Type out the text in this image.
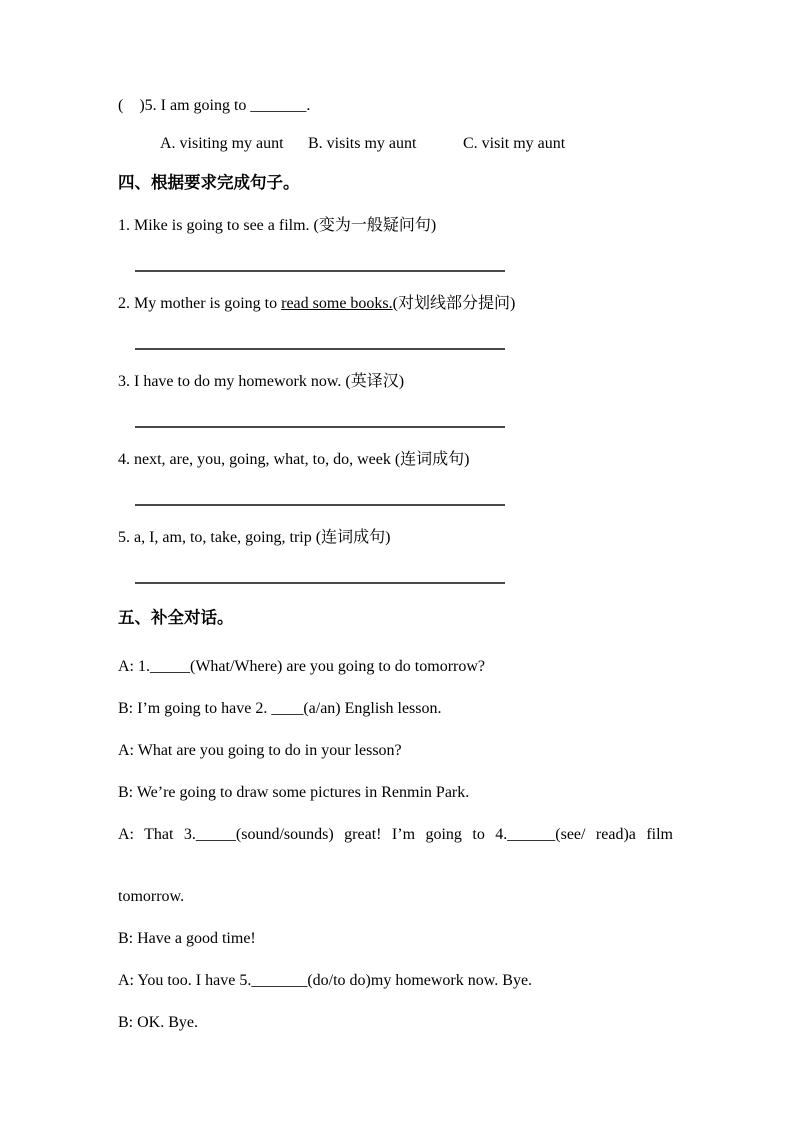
(    )5. I am going to _______.
A. visiting my aunt	B. visits my aunt	C. visit my aunt
四、根据要求完成句子。
1. Mike is going to see a film. (变为一般疑问句)
2. My mother is going to read some books.(对划线部分提问)
3. I have to do my homework now. (英译汉)
4. next, are, you, going, what, to, do, week (连词成句)
5. a, I, am, to, take, going, trip (连词成句)
五、补全对话。
A: 1._____(What/Where) are you going to do tomorrow?
B: I’m going to have 2. ____(a/an) English lesson.
A: What are you going to do in your lesson?
B: We’re going to draw some pictures in Renmin Park.
A: That 3._____(sound/sounds) great! I’m going to 4.______(see/ read)a film
tomorrow.
B: Have a good time!
A: You too. I have 5._______(do/to do)my homework now. Bye.
B: OK. Bye.
